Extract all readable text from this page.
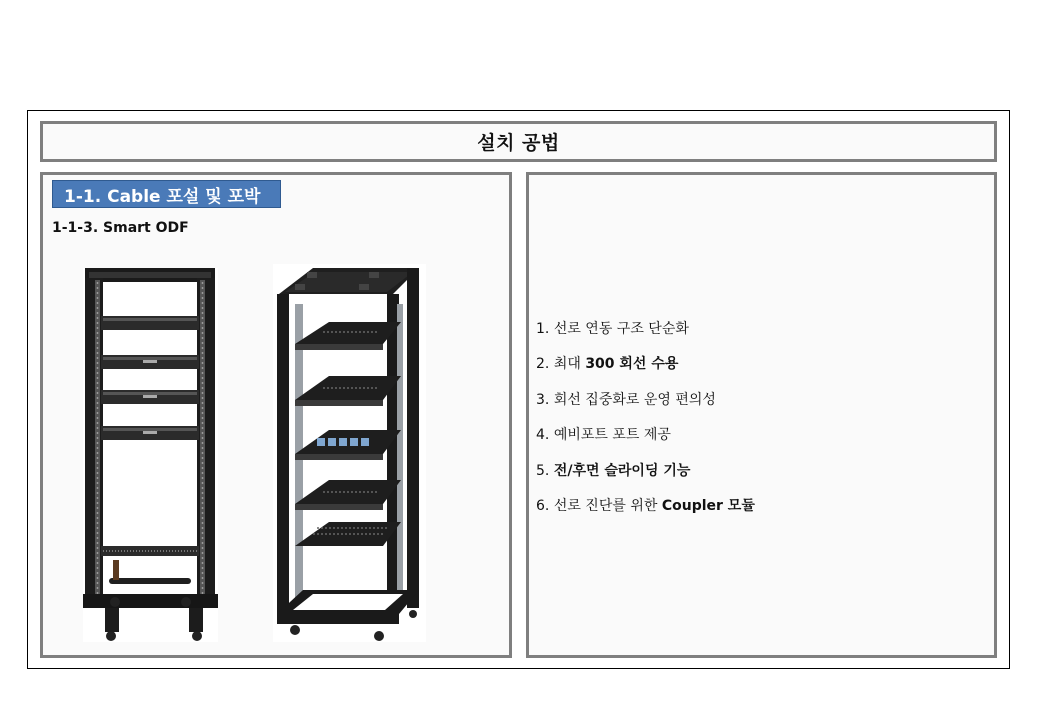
설치 공법
1-1. Cable 포설 및 포박
1-1-3. Smart ODF
1. 선로 연동 구조 단순화
2. 최대 300 회선 수용
3. 회선 집중화로 운영 편의성
4. 예비포트 포트 제공
5. 전/후면 슬라이딩 기능
6. 선로 진단를 위한 Coupler 모듈
